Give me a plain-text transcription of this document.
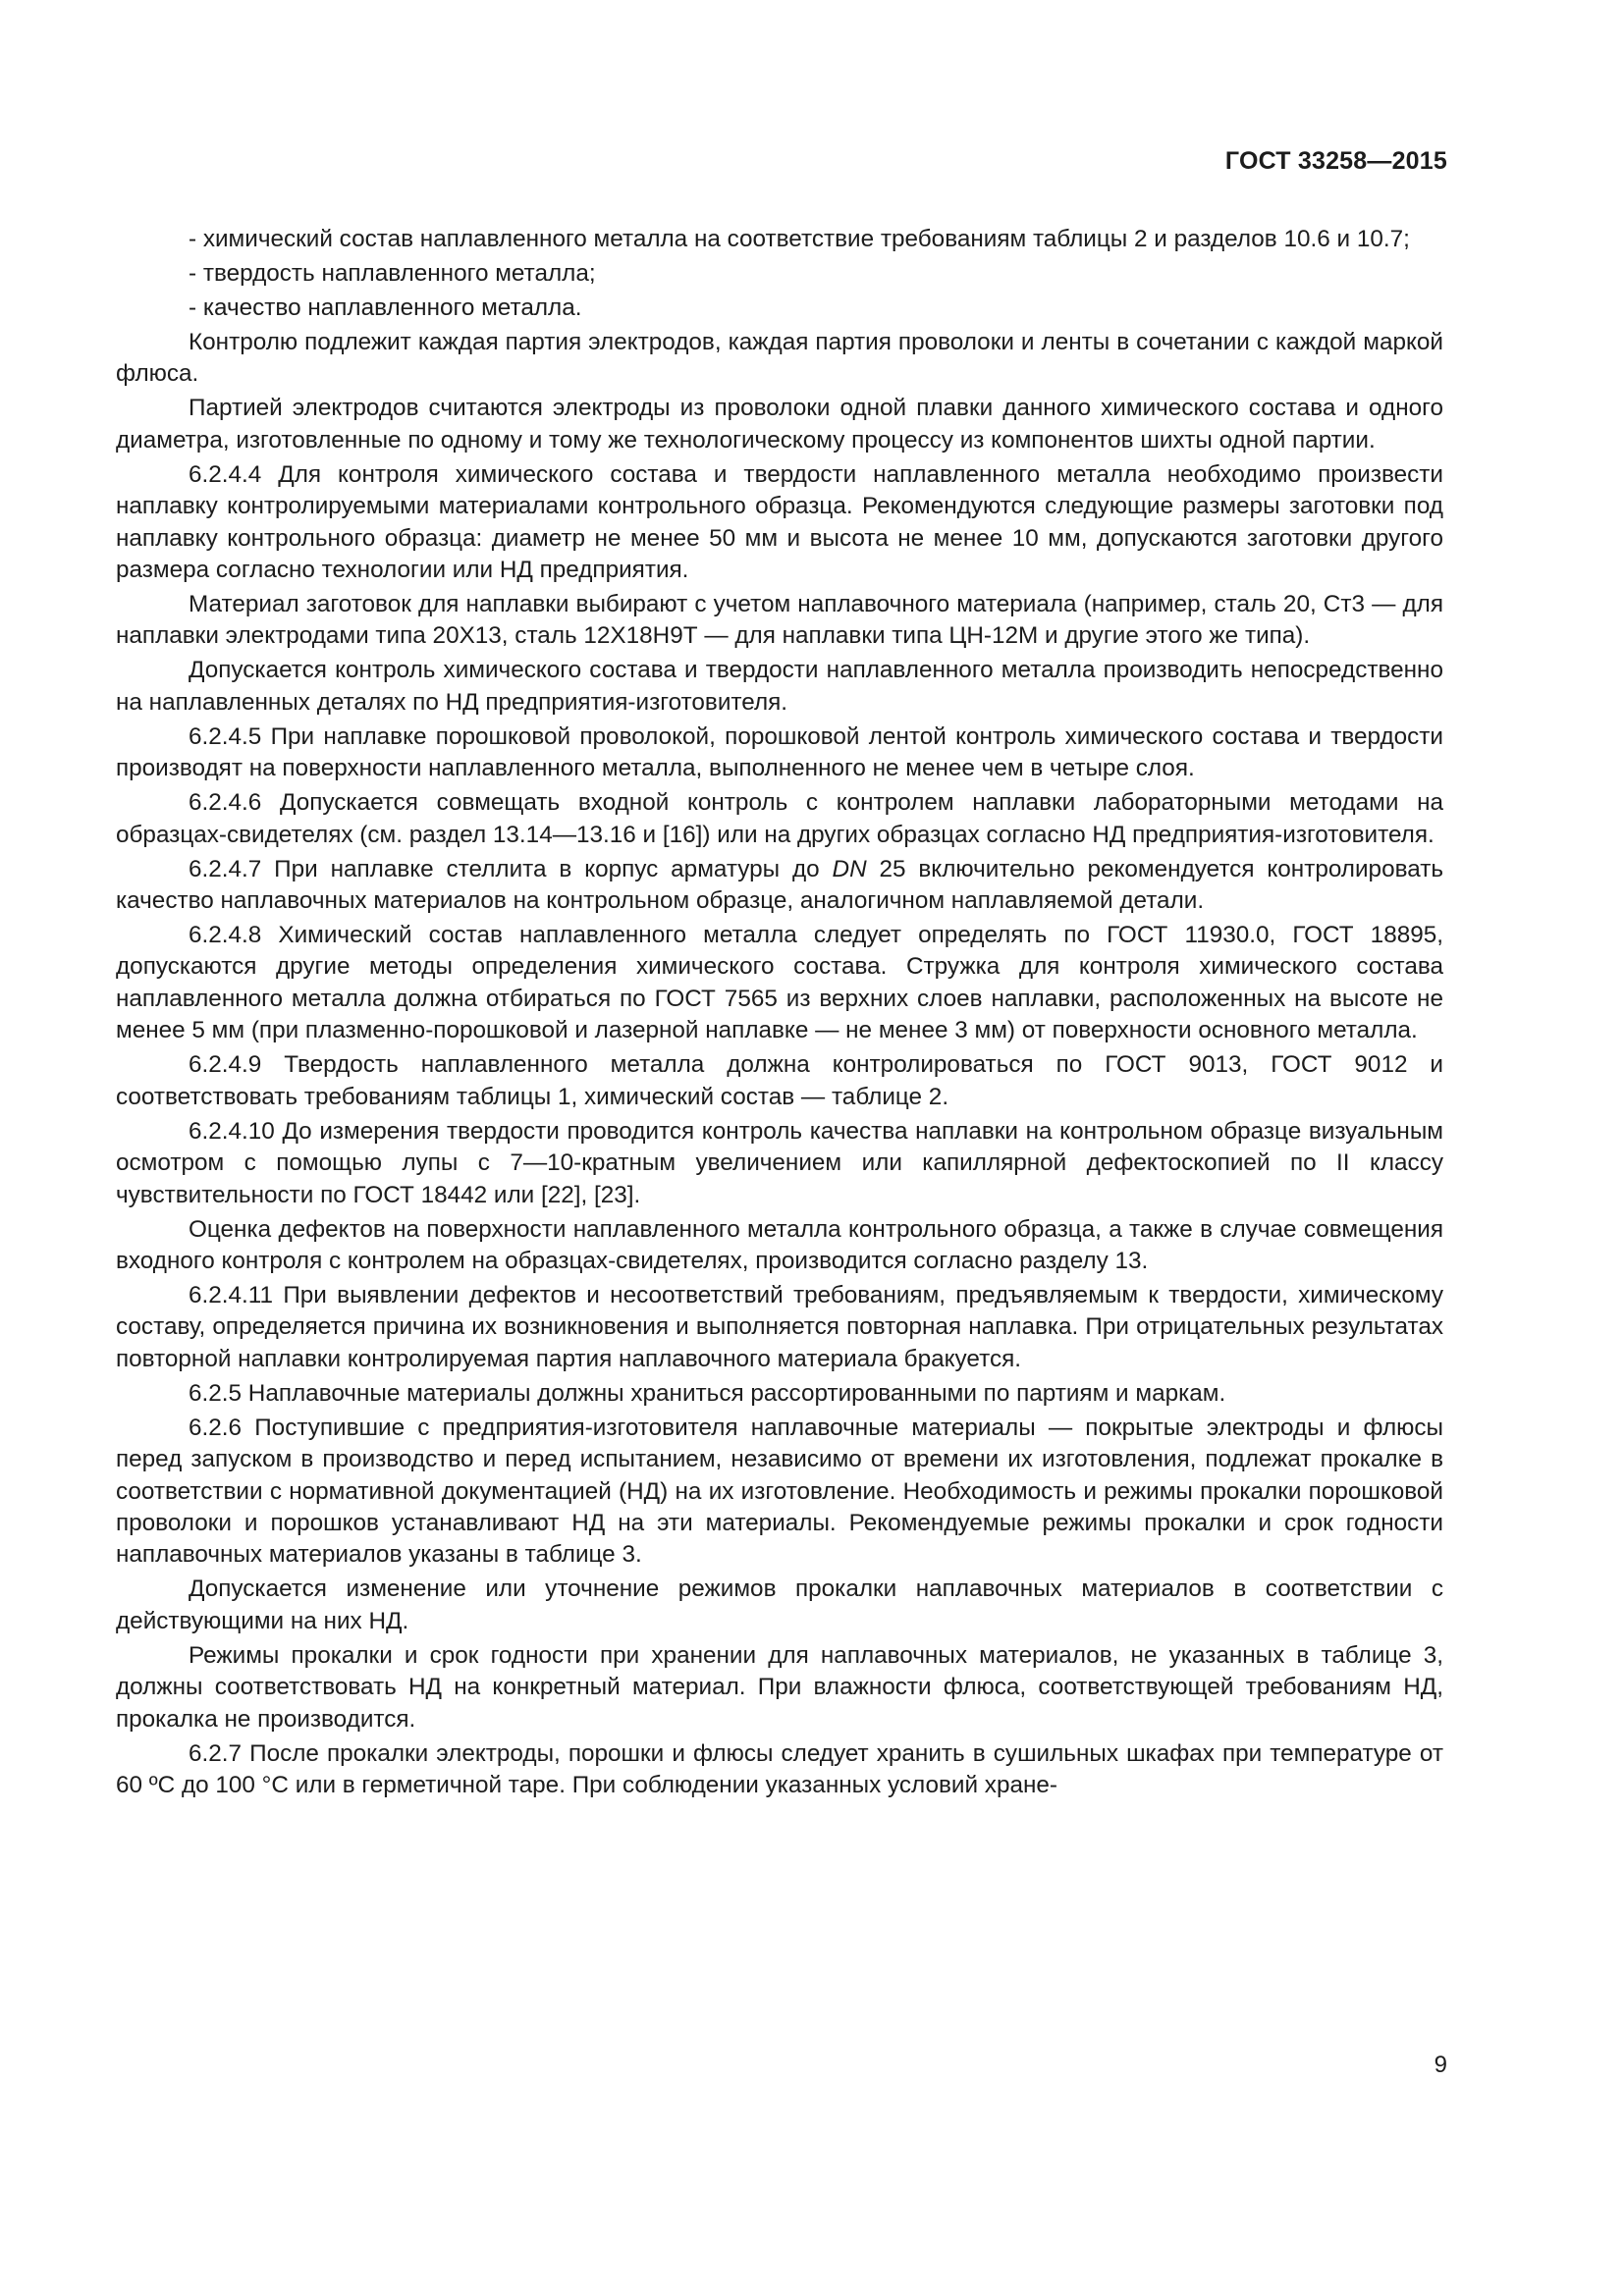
ГОСТ 33258—2015

- химический состав наплавленного металла на соответствие требованиям таблицы 2 и разделов 10.6 и 10.7;

- твердость наплавленного металла;

- качество наплавленного металла.

Контролю подлежит каждая партия электродов, каждая партия проволоки и ленты в сочетании с каждой маркой флюса.

Партией электродов считаются электроды из проволоки одной плавки данного химического состава и одного диаметра, изготовленные по одному и тому же технологическому процессу из компонентов шихты одной партии.

6.2.4.4 Для контроля химического состава и твердости наплавленного металла необходимо произвести наплавку контролируемыми материалами контрольного образца. Рекомендуются следующие размеры заготовки под наплавку контрольного образца: диаметр не менее 50 мм и высота не менее 10 мм, допускаются заготовки другого размера согласно технологии или НД предприятия.

Материал заготовок для наплавки выбирают с учетом наплавочного материала (например, сталь 20, Ст3 — для наплавки электродами типа 20Х13, сталь 12Х18Н9Т — для наплавки типа ЦН-12М и другие этого же типа).

Допускается контроль химического состава и твердости наплавленного металла производить непосредственно на наплавленных деталях по НД предприятия-изготовителя.

6.2.4.5 При наплавке порошковой проволокой, порошковой лентой контроль химического состава и твердости производят на поверхности наплавленного металла, выполненного не менее чем в четыре слоя.

6.2.4.6 Допускается совмещать входной контроль с контролем наплавки лабораторными методами на образцах-свидетелях (см. раздел 13.14—13.16 и [16]) или на других образцах согласно НД предприятия-изготовителя.

6.2.4.7 При наплавке стеллита в корпус арматуры до DN 25 включительно рекомендуется контролировать качество наплавочных материалов на контрольном образце, аналогичном наплавляемой детали.

6.2.4.8 Химический состав наплавленного металла следует определять по ГОСТ 11930.0, ГОСТ 18895, допускаются другие методы определения химического состава. Стружка для контроля химического состава наплавленного металла должна отбираться по ГОСТ 7565 из верхних слоев наплавки, расположенных на высоте не менее 5 мм (при плазменно-порошковой и лазерной наплавке — не менее 3 мм) от поверхности основного металла.

6.2.4.9 Твердость наплавленного металла должна контролироваться по ГОСТ 9013, ГОСТ 9012 и соответствовать требованиям таблицы 1, химический состав — таблице 2.

6.2.4.10 До измерения твердости проводится контроль качества наплавки на контрольном образце визуальным осмотром с помощью лупы с 7—10-кратным увеличением или капиллярной дефектоскопией по II классу чувствительности по ГОСТ 18442 или [22], [23].

Оценка дефектов на поверхности наплавленного металла контрольного образца, а также в случае совмещения входного контроля с контролем на образцах-свидетелях, производится согласно разделу 13.

6.2.4.11 При выявлении дефектов и несоответствий требованиям, предъявляемым к твердости, химическому составу, определяется причина их возникновения и выполняется повторная наплавка. При отрицательных результатах повторной наплавки контролируемая партия наплавочного материала бракуется.

6.2.5 Наплавочные материалы должны храниться рассортированными по партиям и маркам.

6.2.6 Поступившие с предприятия-изготовителя наплавочные материалы — покрытые электроды и флюсы перед запуском в производство и перед испытанием, независимо от времени их изготовления, подлежат прокалке в соответствии с нормативной документацией (НД) на их изготовление. Необходимость и режимы прокалки порошковой проволоки и порошков устанавливают НД на эти материалы. Рекомендуемые режимы прокалки и срок годности наплавочных материалов указаны в таблице 3.

Допускается изменение или уточнение режимов прокалки наплавочных материалов в соответствии с действующими на них НД.

Режимы прокалки и срок годности при хранении для наплавочных материалов, не указанных в таблице 3, должны соответствовать НД на конкретный материал. При влажности флюса, соответствующей требованиям НД, прокалка не производится.

6.2.7 После прокалки электроды, порошки и флюсы следует хранить в сушильных шкафах при температуре от 60 ºС до 100 °С или в герметичной таре. При соблюдении указанных условий хране-

9
